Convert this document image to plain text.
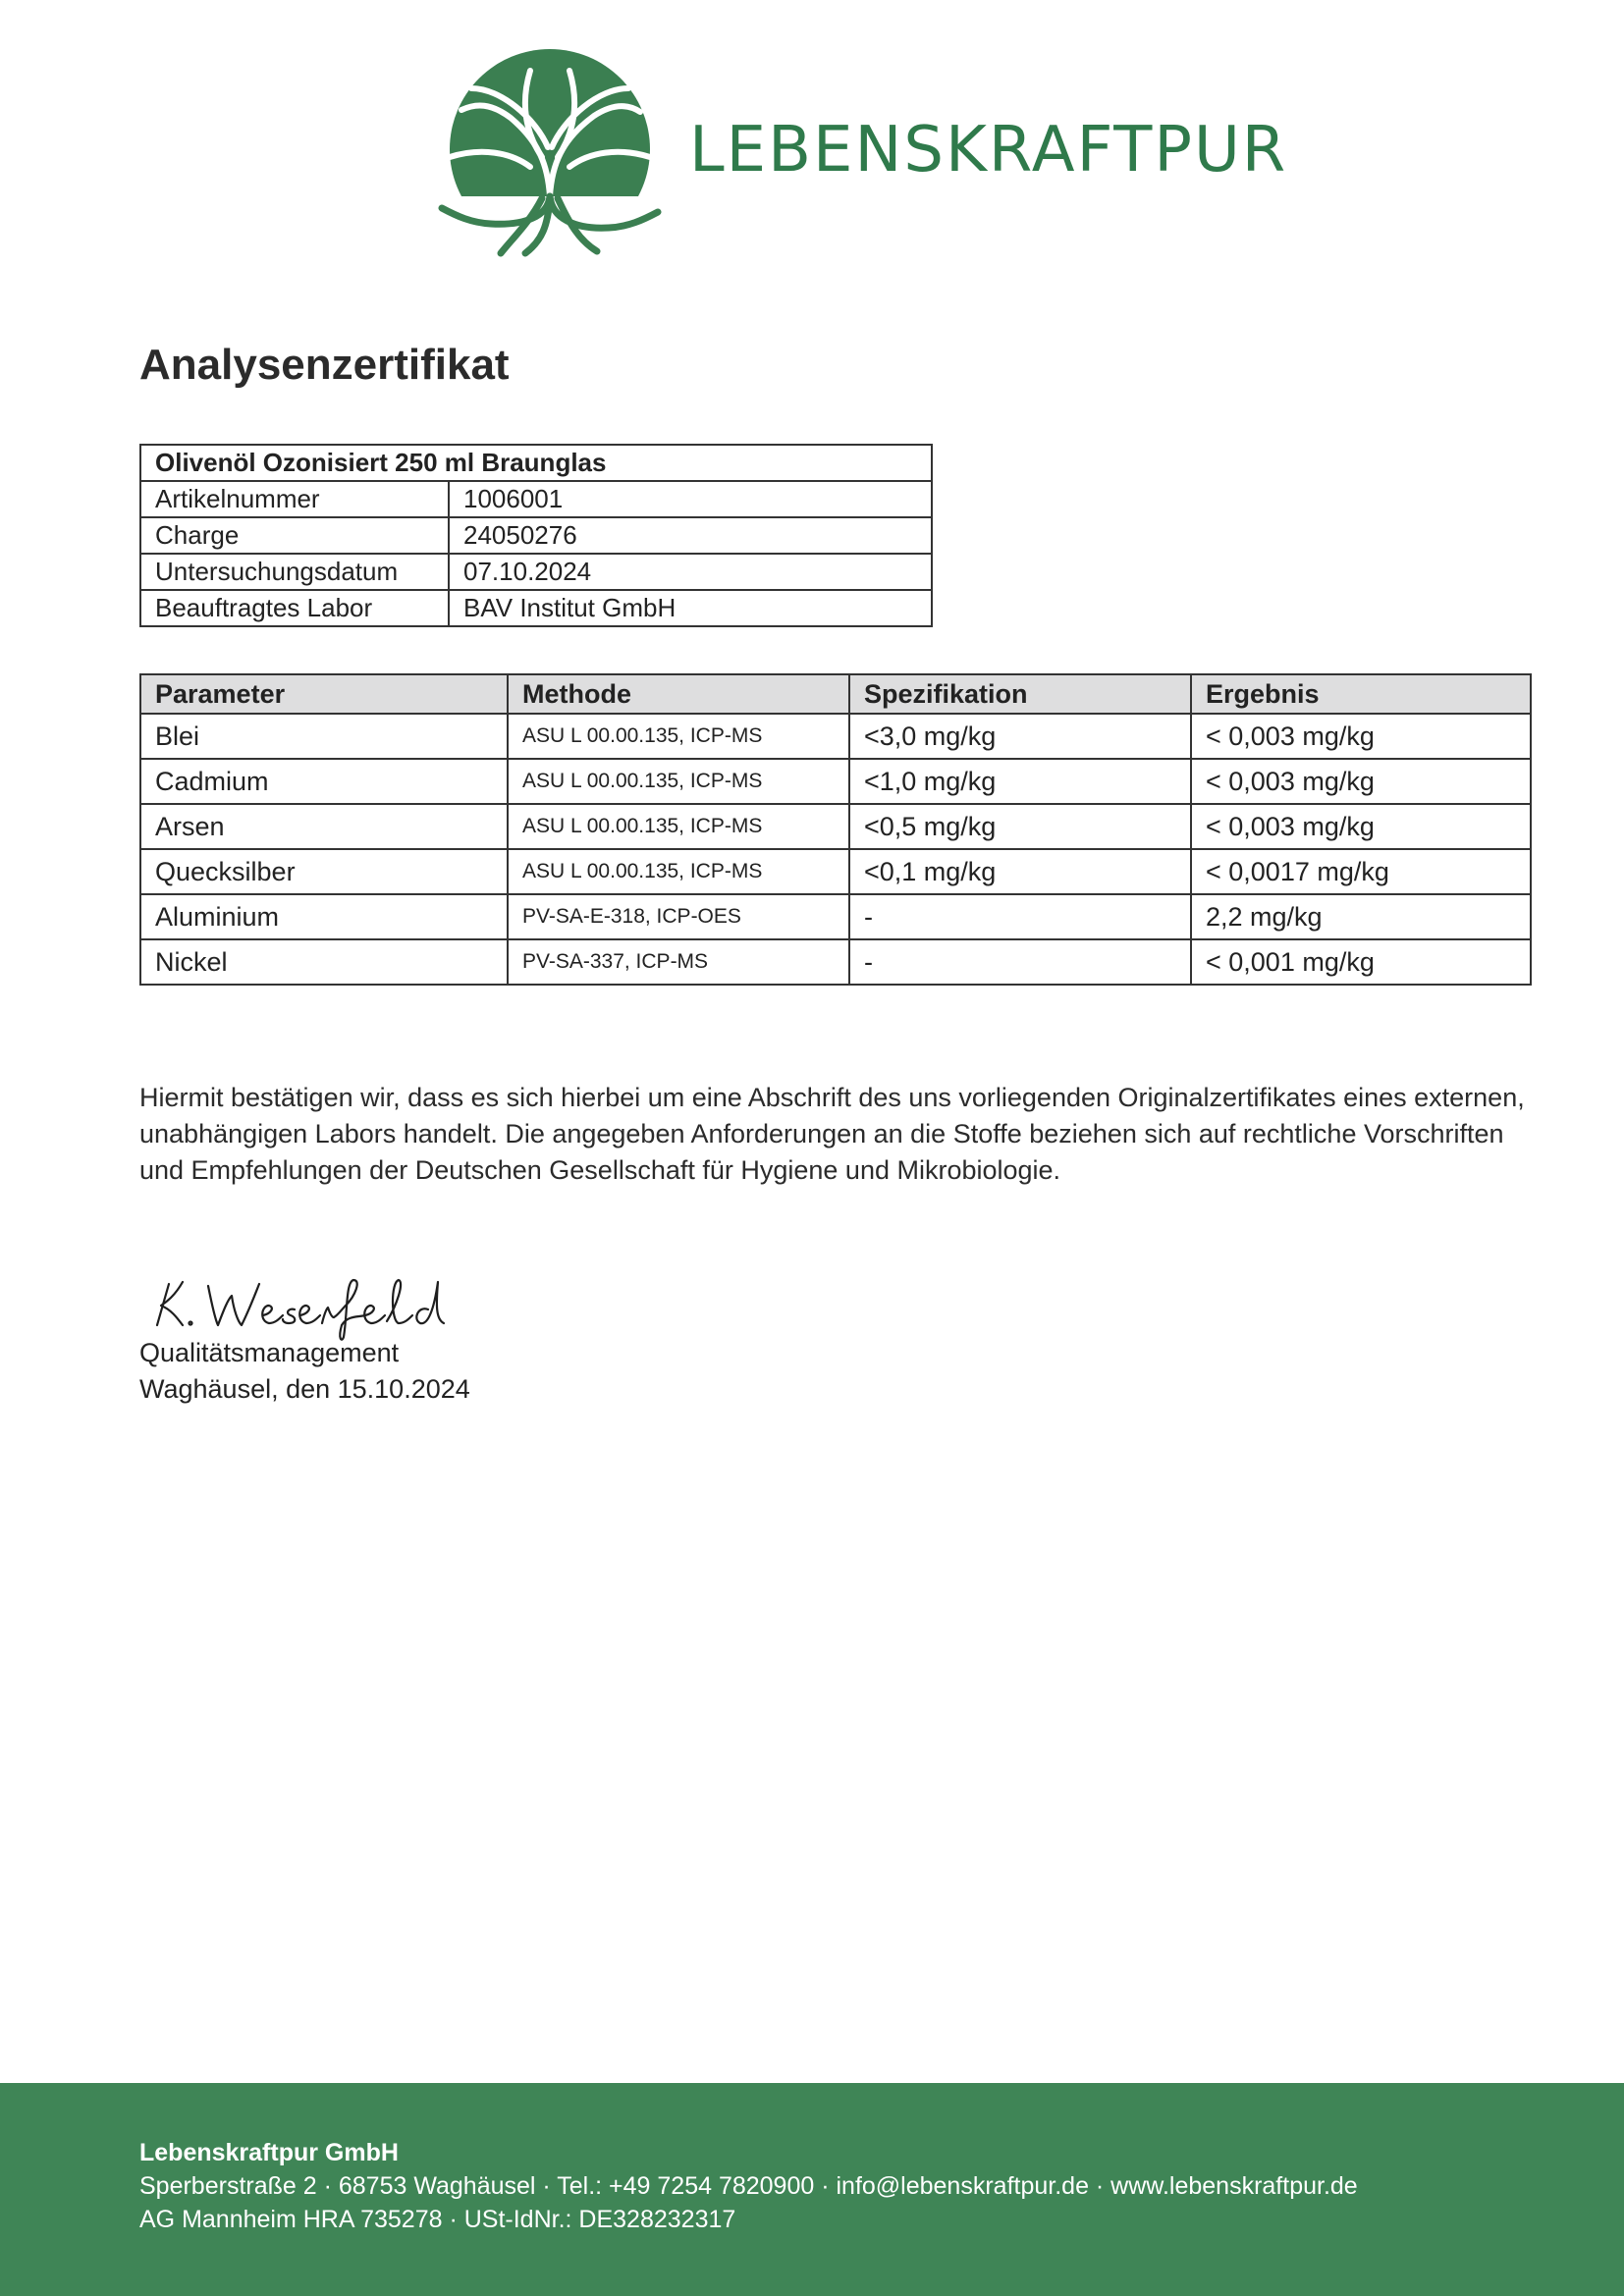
LEBENSKRAFTPUR
Analysenzertifikat
Olivenöl Ozonisiert 250 ml Braunglas	
Artikelnummer	1006001
Charge	24050276
Untersuchungsdatum	07.10.2024
Beauftragtes Labor	BAV Institut GmbH
Parameter	Methode	Spezifikation	Ergebnis
Blei	ASU L 00.00.135, ICP-MS	<3,0 mg/kg	< 0,003 mg/kg
Cadmium	ASU L 00.00.135, ICP-MS	<1,0 mg/kg	< 0,003 mg/kg
Arsen	ASU L 00.00.135, ICP-MS	<0,5 mg/kg	< 0,003 mg/kg
Quecksilber	ASU L 00.00.135, ICP-MS	<0,1 mg/kg	< 0,0017 mg/kg
Aluminium	PV-SA-E-318, ICP-OES	-	2,2 mg/kg
Nickel	PV-SA-337, ICP-MS	-	< 0,001 mg/kg

Hiermit bestätigen wir, dass es sich hierbei um eine Abschrift des uns vorliegenden Originalzertifikates eines externen, unabhängigen Labors handelt. Die angegeben Anforderungen an die Stoffe beziehen sich auf rechtliche Vorschriften und Empfehlungen der Deutschen Gesellschaft für Hygiene und Mikrobiologie.

Qualitätsmanagement
Waghäusel, den 15.10.2024
Lebenskraftpur GmbH
Sperberstraße 2 · 68753 Waghäusel · Tel.: +49 7254 7820900 · info@lebenskraftpur.de · www.lebenskraftpur.de
AG Mannheim HRA 735278 · USt-IdNr.: DE328232317
